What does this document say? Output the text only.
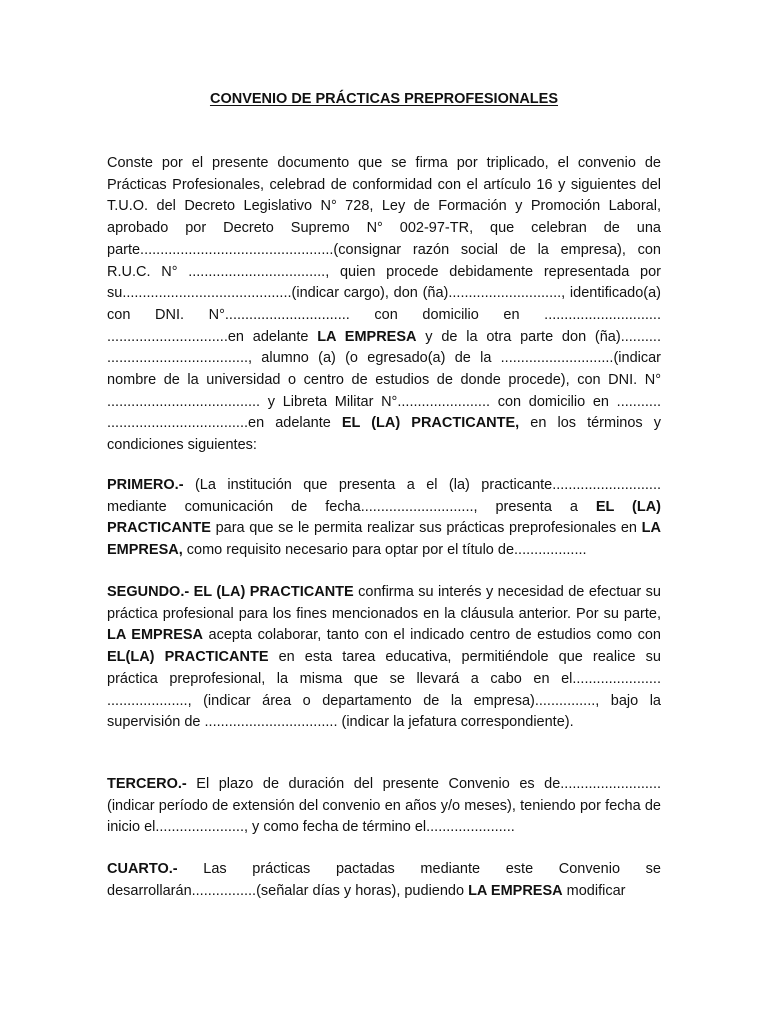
CONVENIO DE PRÁCTICAS PREPROFESIONALES

Conste por el presente documento que se firma por triplicado, el convenio de Prácticas Profesionales, celebrad de conformidad con el artículo 16 y siguientes del T.U.O. del Decreto Legislativo N° 728, Ley de Formación y Promoción Laboral, aprobado por Decreto Supremo N° 002-97-TR, que celebran de una parte................................................(consignar razón social de la empresa), con R.U.C. N° .................................., quien procede debidamente representada por su..........................................(indicar cargo), don (ña)............................, identificado(a) con DNI. N°............................... con domicilio en ............................. ..............................en adelante LA EMPRESA y de la otra parte don (ña).......... ..................................., alumno (a) (o egresado(a) de la ............................(indicar nombre de la universidad o centro de estudios de donde procede), con DNI. N° ...................................... y Libreta Militar N°....................... con domicilio en ........... ...................................en adelante EL (LA) PRACTICANTE, en los términos y condiciones siguientes:

PRIMERO.- (La institución que presenta a el (la) practicante........................... mediante comunicación de fecha............................, presenta a EL (LA) PRACTICANTE para que se le permita realizar sus prácticas preprofesionales en LA EMPRESA, como requisito necesario para optar por el título de..................

SEGUNDO.- EL (LA) PRACTICANTE confirma su interés y necesidad de efectuar su práctica profesional para los fines mencionados en la cláusula anterior. Por su parte, LA EMPRESA acepta colaborar, tanto con el indicado centro de estudios como con EL(LA) PRACTICANTE en esta tarea educativa, permitiéndole que realice su práctica preprofesional, la misma que se llevará a cabo en el...................... ...................., (indicar área o departamento de la empresa)..............., bajo la supervisión de ................................. (indicar la jefatura correspondiente).

TERCERO.- El plazo de duración del presente Convenio es de......................... (indicar período de extensión del convenio en años y/o meses), teniendo por fecha de inicio el......................, y como fecha de término el......................

CUARTO.- Las prácticas pactadas mediante este Convenio se desarrollarán................(señalar días y horas), pudiendo LA EMPRESA modificar
